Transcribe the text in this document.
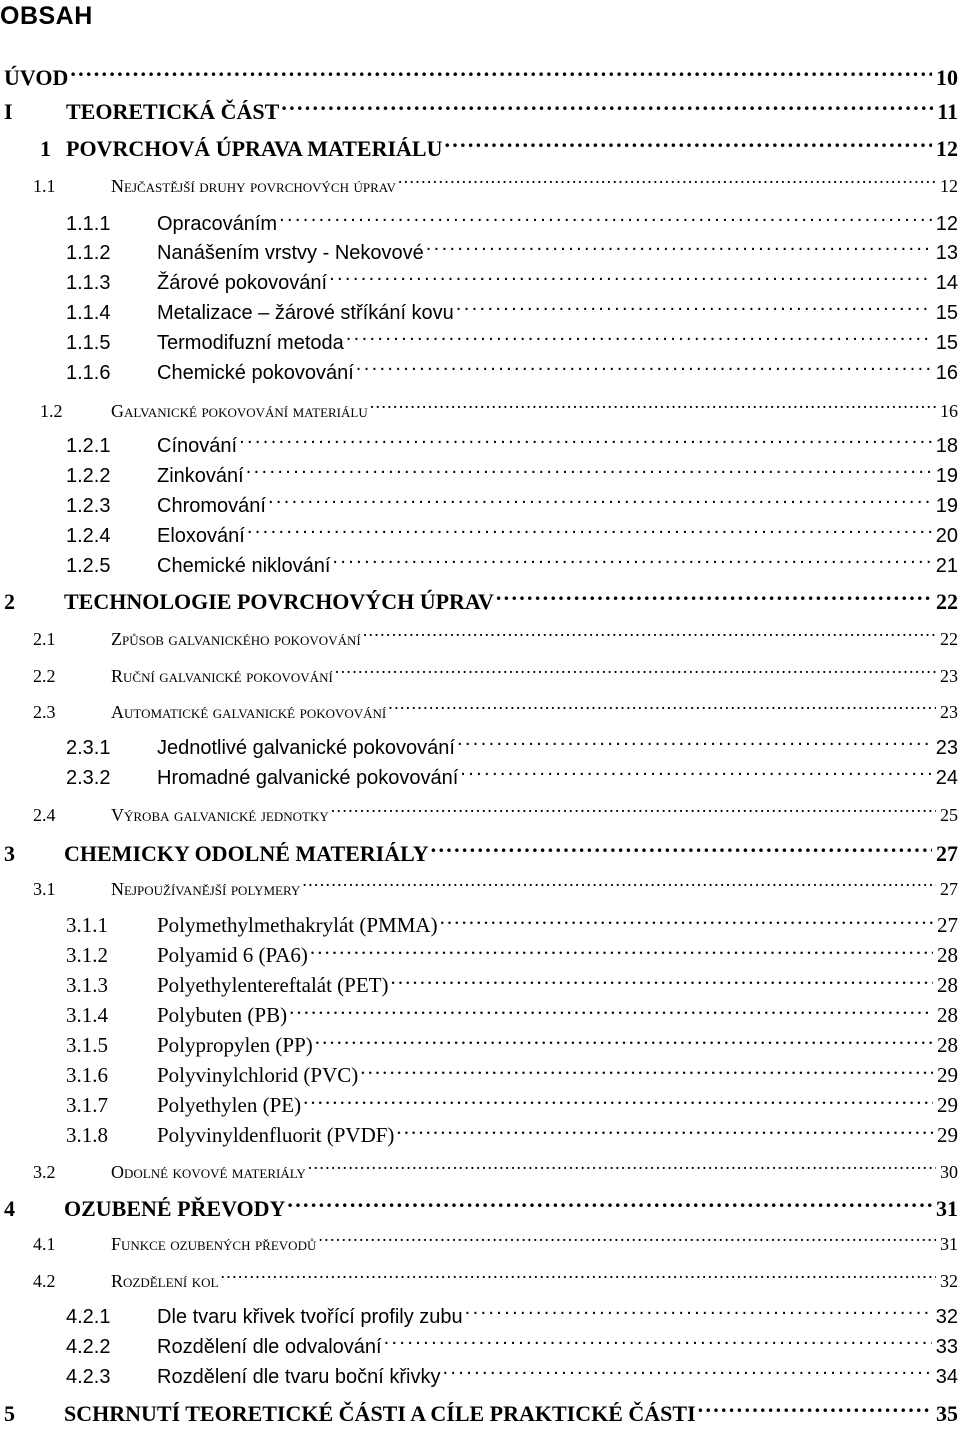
OBSAH
ÚVOD . . .	10
I	TEORETICKÁ ČÁST . . .	11
1 POVRCHOVÁ ÚPRAVA MATERIÁLU . . .	12
1.1	Nejčastější druhy povrchových úprav . . .	12
1.1.1	Opracováním . . .	12
1.1.2	Nanášením vrstvy - Nekovové . . .	13
1.1.3	Žárové pokovování . . .	14
1.1.4	Metalizace – žárové stříkání kovu . . .	15
1.1.5	Termodifuzní metoda . . .	15
1.1.6	Chemické pokovování . . .	16
1.2	Galvanické pokovování materiálu . . .	16
1.2.1	Cínování . . .	18
1.2.2	Zinkování . . .	19
1.2.3	Chromování . . .	19
1.2.4	Eloxování . . .	20
1.2.5	Chemické niklování . . .	21
2	TECHNOLOGIE POVRCHOVÝCH ÚPRAV . . .	22
2.1	Způsob galvanického pokovování . . .	22
2.2	Ruční galvanické pokovování . . .	23
2.3	Automatické galvanické pokovování . . .	23
2.3.1	Jednotlivé galvanické pokovování . . .	23
2.3.2	Hromadné galvanické pokovování . . .	24
2.4	Výroba galvanické jednotky . . .	25
3	CHEMICKY ODOLNÉ MATERIÁLY . . .	27
3.1	Nejpoužívanější polymery . . .	27
3.1.1	Polymethylmethakrylát (PMMA) . . .	27
3.1.2	Polyamid 6 (PA6) . . .	28
3.1.3	Polyethylentereftalát (PET) . . .	28
3.1.4	Polybuten (PB) . . .	28
3.1.5	Polypropylen (PP) . . .	28
3.1.6	Polyvinylchlorid (PVC) . . .	29
3.1.7	Polyethylen (PE) . . .	29
3.1.8	Polyvinyldenfluorit (PVDF) . . .	29
3.2	Odolné kovové materiály . . .	30
4	OZUBENÉ PŘEVODY . . .	31
4.1	Funkce ozubených převodů . . .	31
4.2	Rozdělení kol . . .	32
4.2.1	Dle tvaru křivek tvořící profily zubu . . .	32
4.2.2	Rozdělení dle odvalování . . .	33
4.2.3	Rozdělení dle tvaru boční křivky . . .	34
5	SCHRNUTÍ TEORETICKÉ ČÁSTI A CÍLE PRAKTICKÉ ČÁSTI . . .	35
